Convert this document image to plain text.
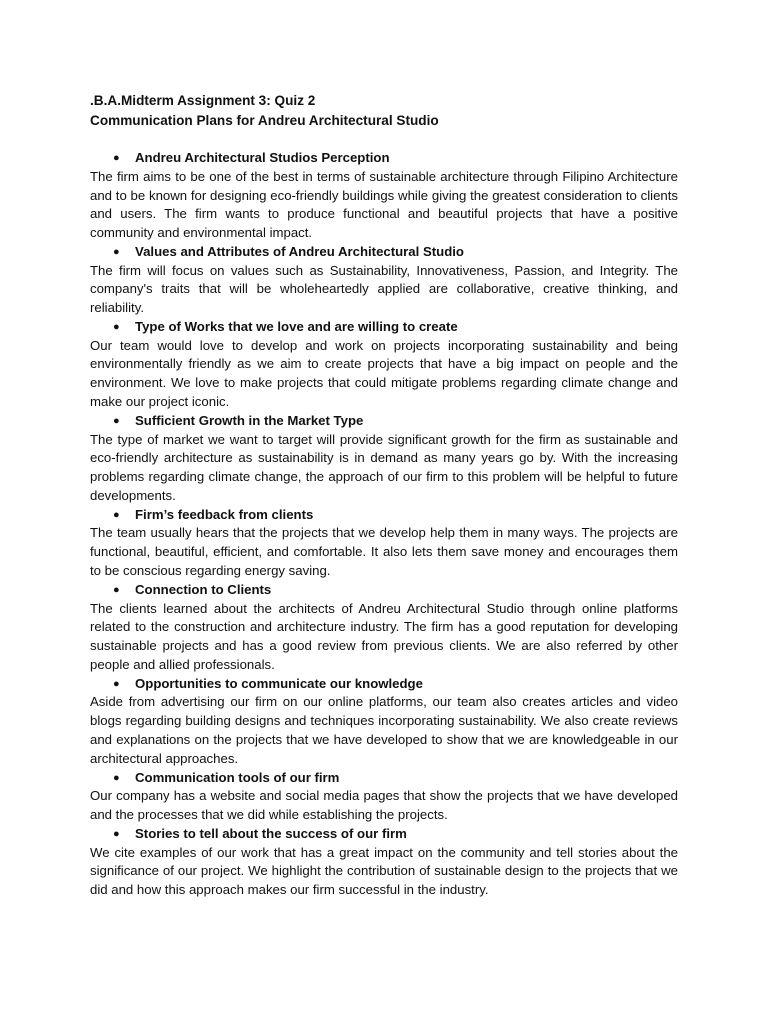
.B.A.Midterm Assignment 3: Quiz 2
Communication Plans for Andreu Architectural Studio
● Andreu Architectural Studios Perception

The firm aims to be one of the best in terms of sustainable architecture through Filipino Architecture and to be known for designing eco-friendly buildings while giving the greatest consideration to clients and users. The firm wants to produce functional and beautiful projects that have a positive community and environmental impact.

● Values and Attributes of Andreu Architectural Studio

The firm will focus on values such as Sustainability, Innovativeness, Passion, and Integrity. The company's traits that will be wholeheartedly applied are collaborative, creative thinking, and reliability.

● Type of Works that we love and are willing to create

Our team would love to develop and work on projects incorporating sustainability and being environmentally friendly as we aim to create projects that have a big impact on people and the environment. We love to make projects that could mitigate problems regarding climate change and make our project iconic.

● Sufficient Growth in the Market Type

The type of market we want to target will provide significant growth for the firm as sustainable and eco-friendly architecture as sustainability is in demand as many years go by. With the increasing problems regarding climate change, the approach of our firm to this problem will be helpful to future developments.

● Firm’s feedback from clients

The team usually hears that the projects that we develop help them in many ways. The projects are functional, beautiful, efficient, and comfortable. It also lets them save money and encourages them to be conscious regarding energy saving.

● Connection to Clients

The clients learned about the architects of Andreu Architectural Studio through online platforms related to the construction and architecture industry. The firm has a good reputation for developing sustainable projects and has a good review from previous clients. We are also referred by other people and allied professionals.

● Opportunities to communicate our knowledge

Aside from advertising our firm on our online platforms, our team also creates articles and video blogs regarding building designs and techniques incorporating sustainability. We also create reviews and explanations on the projects that we have developed to show that we are knowledgeable in our architectural approaches.

● Communication tools of our firm

Our company has a website and social media pages that show the projects that we have developed and the processes that we did while establishing the projects.

● Stories to tell about the success of our firm

We cite examples of our work that has a great impact on the community and tell stories about the significance of our project. We highlight the contribution of sustainable design to the projects that we did and how this approach makes our firm successful in the industry.
